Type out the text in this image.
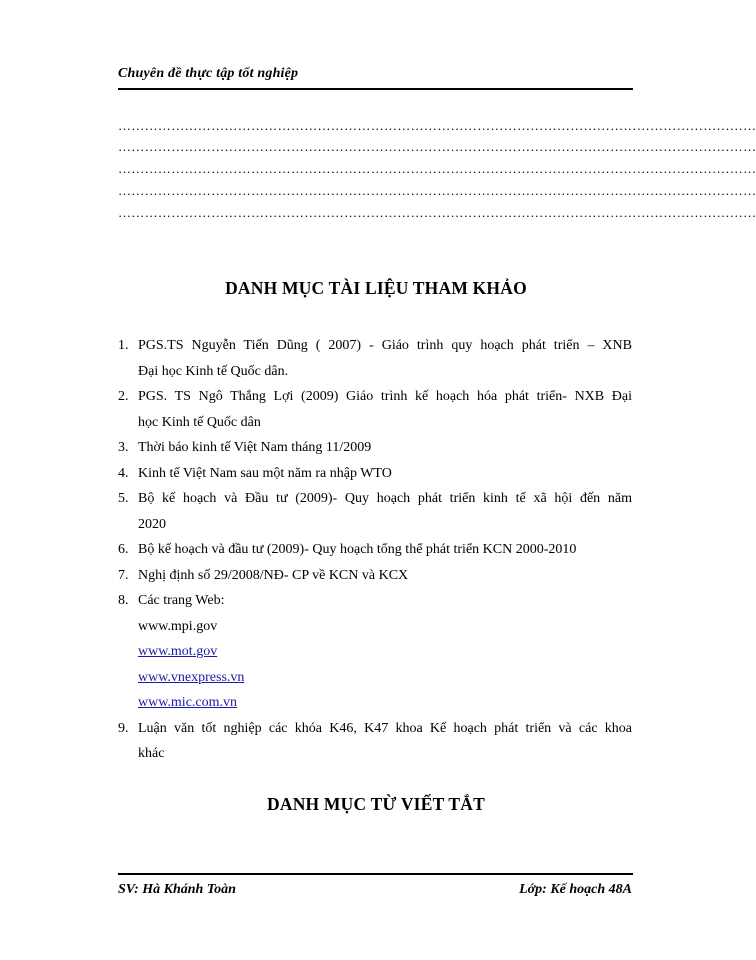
Chuyên đề thực tập tốt nghiệp
………………………………………………………………………………………………………………………………
………………………………………………………………………………………………………………………………
………………………………………………………………………………………………………………………………
………………………………………………………………………………………………………………………………
………………………………………………………………………………………………………………………………
DANH MỤC TÀI LIỆU THAM KHẢO
1. PGS.TS Nguyễn Tiến Dũng ( 2007) - Giáo trình quy hoạch phát triển – XNB
Đại học Kinh tế Quốc dân.
2. PGS. TS Ngô Thắng Lợi (2009) Giáo trình kế hoạch hóa phát triển- NXB Đại
học Kinh tế Quốc dân
3. Thời báo kinh tế Việt Nam tháng 11/2009
4. Kinh tế Việt Nam sau một năm ra nhập WTO
5. Bộ kế hoạch và Đầu tư (2009)- Quy hoạch phát triển kinh tế xã hội đến năm
2020
6. Bộ kế hoạch và đầu tư (2009)- Quy hoạch tổng thể phát triển KCN 2000-2010
7. Nghị định số 29/2008/NĐ- CP về KCN và KCX
8. Các trang Web:
www.mpi.gov
www.mot.gov
www.vnexpress.vn
www.mic.com.vn
9. Luận văn tốt nghiệp các khóa K46, K47 khoa Kế hoạch phát triển và các khoa
khác
DANH MỤC TỪ VIẾT TẮT
SV: Hà Khánh Toàn	Lớp: Kế hoạch 48A
